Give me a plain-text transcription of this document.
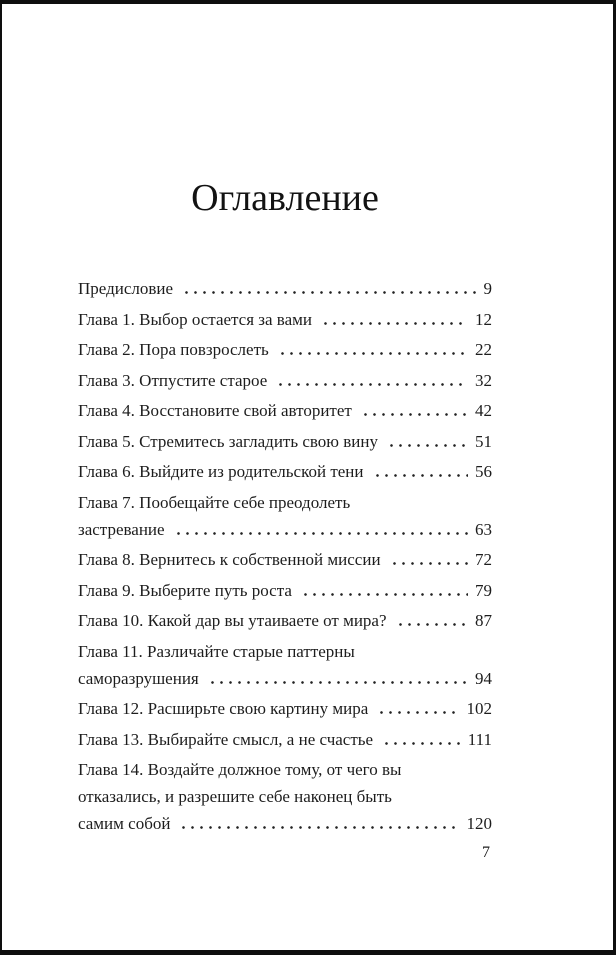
Оглавление
Предисловие	9
Глава 1. Выбор остается за вами	12
Глава 2. Пора повзрослеть	22
Глава 3. Отпустите старое	32
Глава 4. Восстановите свой авторитет	42
Глава 5. Стремитесь загладить свою вину	51
Глава 6. Выйдите из родительской тени	56
Глава 7. Пообещайте себе преодолеть
застревание	63
Глава 8. Вернитесь к собственной миссии	72
Глава 9. Выберите путь роста	79
Глава 10. Какой дар вы утаиваете от мира?	87
Глава 11. Различайте старые паттерны
саморазрушения	94
Глава 12. Расширьте свою картину мира	102
Глава 13. Выбирайте смысл, а не счастье	111
Глава 14. Воздайте должное тому, от чего вы
отказались, и разрешите себе наконец быть
самим собой	120
7
